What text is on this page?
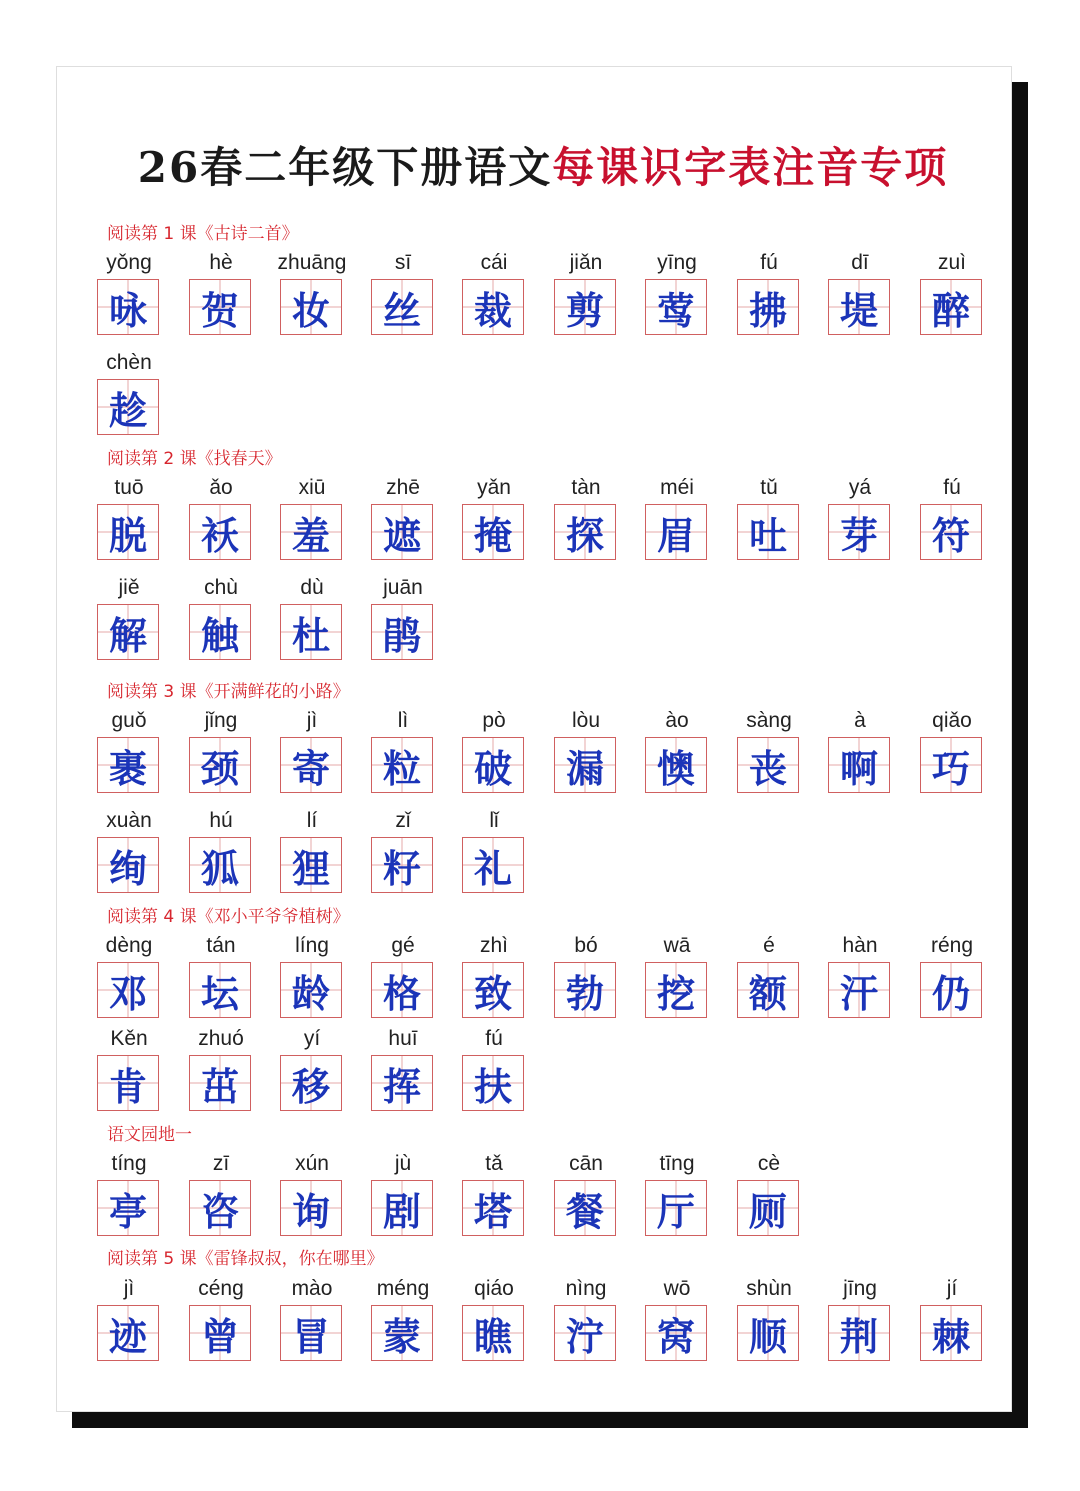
26春二年级下册语文 每课识字表注音专项
阅读第 1 课《古诗二首》
yǒng
咏
hè
贺
zhuāng
妆
sī
丝
cái
裁
jiǎn
剪
yīng
莺
fú
拂
dī
堤
zuì
醉
chèn
趁
阅读第 2 课《找春天》
tuō
脱
ǎo
袄
xiū
羞
zhē
遮
yǎn
掩
tàn
探
méi
眉
tǔ
吐
yá
芽
fú
符
jiě
解
chù
触
dù
杜
juān
鹃
阅读第 3 课《开满鲜花的小路》
guǒ
裹
jǐng
颈
jì
寄
lì
粒
pò
破
lòu
漏
ào
懊
sàng
丧
à
啊
qiǎo
巧
xuàn
绚
hú
狐
lí
狸
zǐ
籽
lǐ
礼
阅读第 4 课《邓小平爷爷植树》
dèng
邓
tán
坛
líng
龄
gé
格
zhì
致
bó
勃
wā
挖
é
额
hàn
汗
réng
仍
Kěn
肯
zhuó
茁
yí
移
huī
挥
fú
扶
语文园地一
tíng
亭
zī
咨
xún
询
jù
剧
tǎ
塔
cān
餐
tīng
厅
cè
厕
阅读第 5 课《雷锋叔叔，你在哪里》
jì
迹
céng
曾
mào
冒
méng
蒙
qiáo
瞧
nìng
泞
wō
窝
shùn
顺
jīng
荆
jí
棘
